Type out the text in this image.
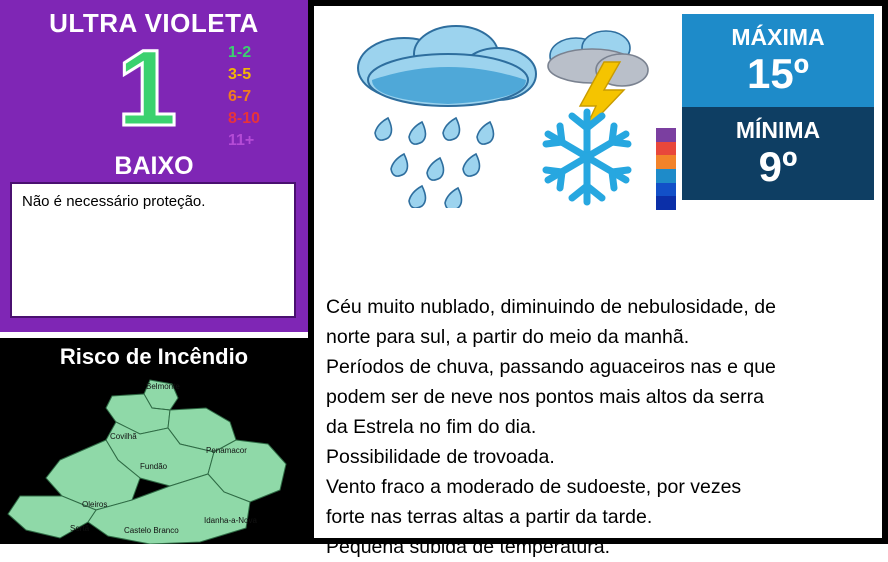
ULTRA VIOLETA
1	1-2
3-5
6-7
8-10
11+
BAIXO
Não é necessário proteção.
Risco de Incêndio
Belmonte
Covilhã
Penamacor
Fundão
Oleiros
Sertã	Castelo Branco
Idanha-a-Nova
MÁXIMA
15º
MÍNIMA
9º

Céu muito nublado, diminuindo de nebulosidade, de

norte para sul, a partir do meio da manhã.

Períodos de chuva, passando aguaceiros nas e que

podem ser de neve nos pontos mais altos da serra

da Estrela no fim do dia.

Possibilidade de trovoada.

Vento fraco a moderado de sudoeste, por vezes

forte nas terras altas a partir da tarde.

Pequena subida de temperatura.
